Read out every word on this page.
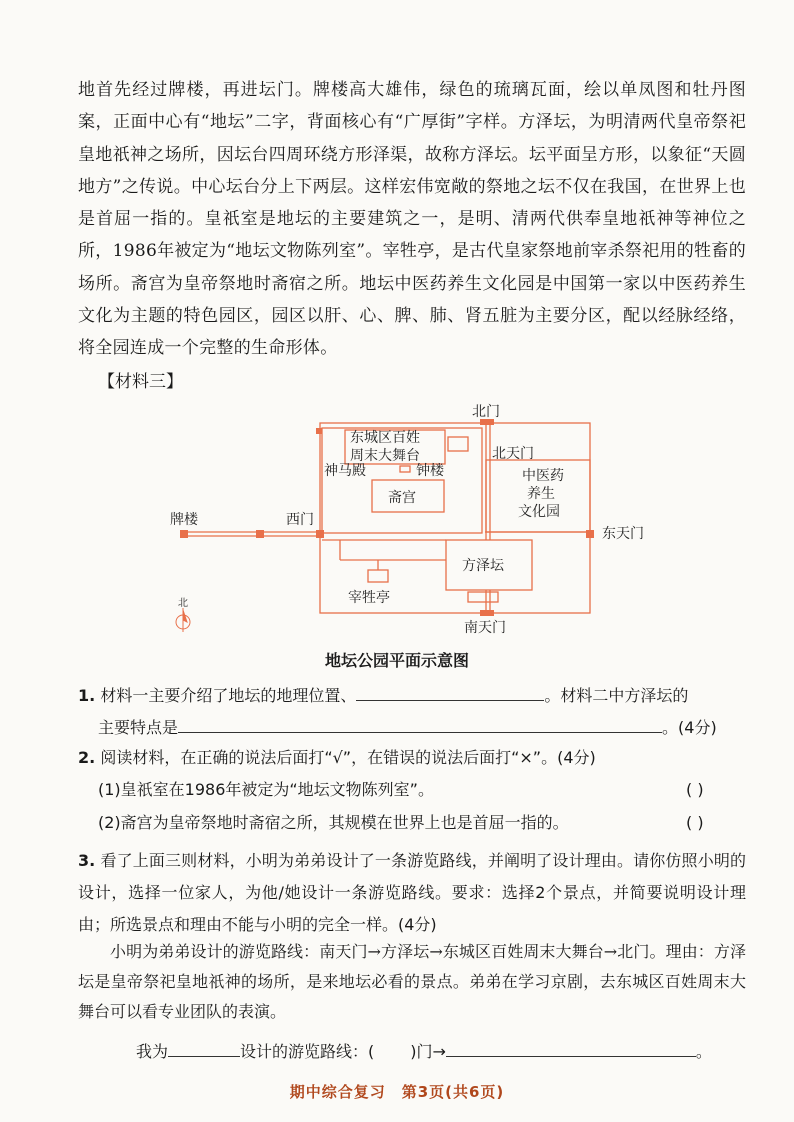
地首先经过牌楼，再进坛门。牌楼高大雄伟，绿色的琉璃瓦面，绘以单凤图和牡丹图案，正面中心有“地坛”二字，背面核心有“广厚街”字样。方泽坛，为明清两代皇帝祭祀皇地祇神之场所，因坛台四周环绕方形泽渠，故称方泽坛。坛平面呈方形，以象征“天圆地方”之传说。中心坛台分上下两层。这样宏伟宽敞的祭地之坛不仅在我国，在世界上也是首屈一指的。皇祇室是地坛的主要建筑之一，是明、清两代供奉皇地祇神等神位之所，1986年被定为“地坛文物陈列室”。宰牲亭，是古代皇家祭地前宰杀祭祀用的牲畜的场所。斋宫为皇帝祭地时斋宿之所。地坛中医药养生文化园是中国第一家以中医药养生文化为主题的特色园区，园区以肝、心、脾、肺、肾五脏为主要分区，配以经脉经络，将全园连成一个完整的生命形体。

【材料三】
北门
东城区百姓
周末大舞台	北天门
神马殿	钟楼
斋宫
中医药
养生
文化园
牌楼	西门
东天门
方泽坛
宰牲亭
南天门
北
地坛公园平面示意图
1. 材料一主要介绍了地坛的地理位置、	。材料二中方泽坛的
主要特点是	。(4分)
2. 阅读材料，在正确的说法后面打“√”，在错误的说法后面打“×”。(4分)
(1)皇祇室在1986年被定为“地坛文物陈列室”。	( )
(2)斋宫为皇帝祭地时斋宿之所，其规模在世界上也是首屈一指的。	( )
3. 看了上面三则材料，小明为弟弟设计了一条游览路线，并阐明了设计理由。请你仿照小明的设计，选择一位家人，为他/她设计一条游览路线。要求：选择2个景点，并简要说明设计理由；所选景点和理由不能与小明的完全一样。(4分)

小明为弟弟设计的游览路线：南天门→方泽坛→东城区百姓周末大舞台→北门。理由：方泽坛是皇帝祭祀皇地祇神的场所，是来地坛必看的景点。弟弟在学习京剧，去东城区百姓周末大舞台可以看专业团队的表演。

我为	设计的游览路线：( )门→	。
期中综合复习　第3页(共6页)
